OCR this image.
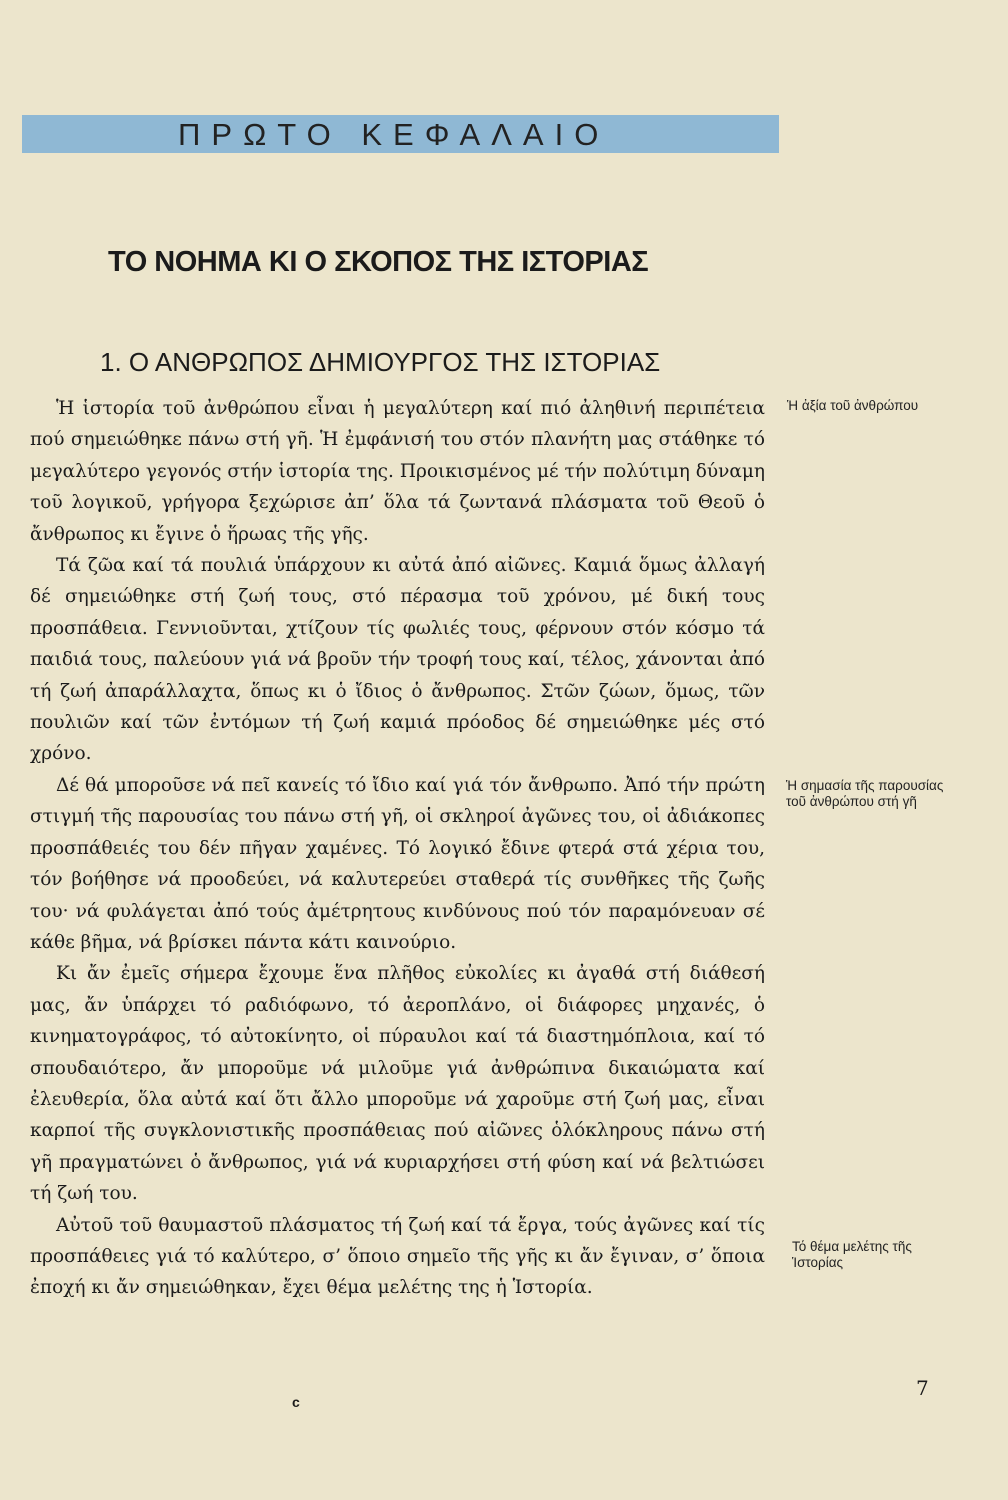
ΠΡΩΤΟ ΚΕΦΑΛΑΙΟ
ΤΟ ΝΟΗΜΑ ΚΙ Ο ΣΚΟΠΟΣ ΤΗΣ ΙΣΤΟΡΙΑΣ
1. Ο ΑΝΘΡΩΠΟΣ ΔΗΜΙΟΥΡΓΟΣ ΤΗΣ ΙΣΤΟΡΙΑΣ

Ἡ ἱστορία τοῦ ἀνθρώπου εἶναι ἡ μεγαλύτερη καί πιό ἀληθινή περιπέτεια πού σημειώθηκε πάνω στή γῆ. Ἡ ἐμφάνισή του στόν πλανήτη μας στάθηκε τό μεγαλύτερο γεγονός στήν ἱστορία της. Προικισμένος μέ τήν πολύτιμη δύναμη τοῦ λογικοῦ, γρήγορα ξεχώρισε ἀπ’ ὅλα τά ζωντανά πλάσματα τοῦ Θεοῦ ὁ ἄνθρωπος κι ἔγινε ὁ ἥρωας τῆς γῆς.

Τά ζῶα καί τά πουλιά ὑπάρχουν κι αὐτά ἀπό αἰῶνες. Καμιά ὅμως ἀλλαγή δέ σημειώθηκε στή ζωή τους, στό πέρασμα τοῦ χρόνου, μέ δική τους προσπάθεια. Γεννιοῦνται, χτίζουν τίς φωλιές τους, φέρνουν στόν κόσμο τά παιδιά τους, παλεύουν γιά νά βροῦν τήν τροφή τους καί, τέλος, χάνονται ἀπό τή ζωή ἀπαράλλαχτα, ὅπως κι ὁ ἴδιος ὁ ἄνθρωπος. Στῶν ζώων, ὅμως, τῶν πουλιῶν καί τῶν ἐντόμων τή ζωή καμιά πρόοδος δέ σημειώθηκε μές στό χρόνο.

Δέ θά μποροῦσε νά πεῖ κανείς τό ἴδιο καί γιά τόν ἄνθρωπο. Ἀπό τήν πρώτη στιγμή τῆς παρουσίας του πάνω στή γῆ, οἱ σκληροί ἀγῶνες του, οἱ ἀδιάκοπες προσπάθειές του δέν πῆγαν χαμένες. Τό λογικό ἔδινε φτερά στά χέρια του, τόν βοήθησε νά προοδεύει, νά καλυτερεύει σταθερά τίς συνθῆκες τῆς ζωῆς του· νά φυλάγεται ἀπό τούς ἀμέτρητους κινδύνους πού τόν παραμόνευαν σέ κάθε βῆμα, νά βρίσκει πάντα κάτι καινούριο.

Κι ἄν ἐμεῖς σήμερα ἔχουμε ἕνα πλῆθος εὐκολίες κι ἀγαθά στή διάθεσή μας, ἄν ὑπάρχει τό ραδιόφωνο, τό ἀεροπλάνο, οἱ διάφορες μηχανές, ὁ κινηματογράφος, τό αὐτοκίνητο, οἱ πύραυλοι καί τά διαστημόπλοια, καί τό σπουδαιότερο, ἄν μποροῦμε νά μιλοῦμε γιά ἀνθρώπινα δικαιώματα καί ἐλευθερία, ὅλα αὐτά καί ὅτι ἄλλο μποροῦμε νά χαροῦμε στή ζωή μας, εἶναι καρποί τῆς συγκλονιστικῆς προσπάθειας πού αἰῶνες ὁλόκληρους πάνω στή γῆ πραγματώνει ὁ ἄνθρωπος, γιά νά κυριαρχήσει στή φύση καί νά βελτιώσει τή ζωή του.

Αὐτοῦ τοῦ θαυμαστοῦ πλάσματος τή ζωή καί τά ἔργα, τούς ἀγῶνες καί τίς προσπάθειες γιά τό καλύτερο, σ’ ὅποιο σημεῖο τῆς γῆς κι ἄν ἔγιναν, σ’ ὅποια ἐποχή κι ἄν σημειώθηκαν, ἔχει θέμα μελέτης της ἡ Ἱστορία.

Ἡ ἀξία τοῦ ἀνθρώπου
Ἡ σημασία τῆς παρουσίας τοῦ ἀνθρώπου στή γῆ
Τό θέμα μελέτης τῆς Ἱστορίας
c
7
